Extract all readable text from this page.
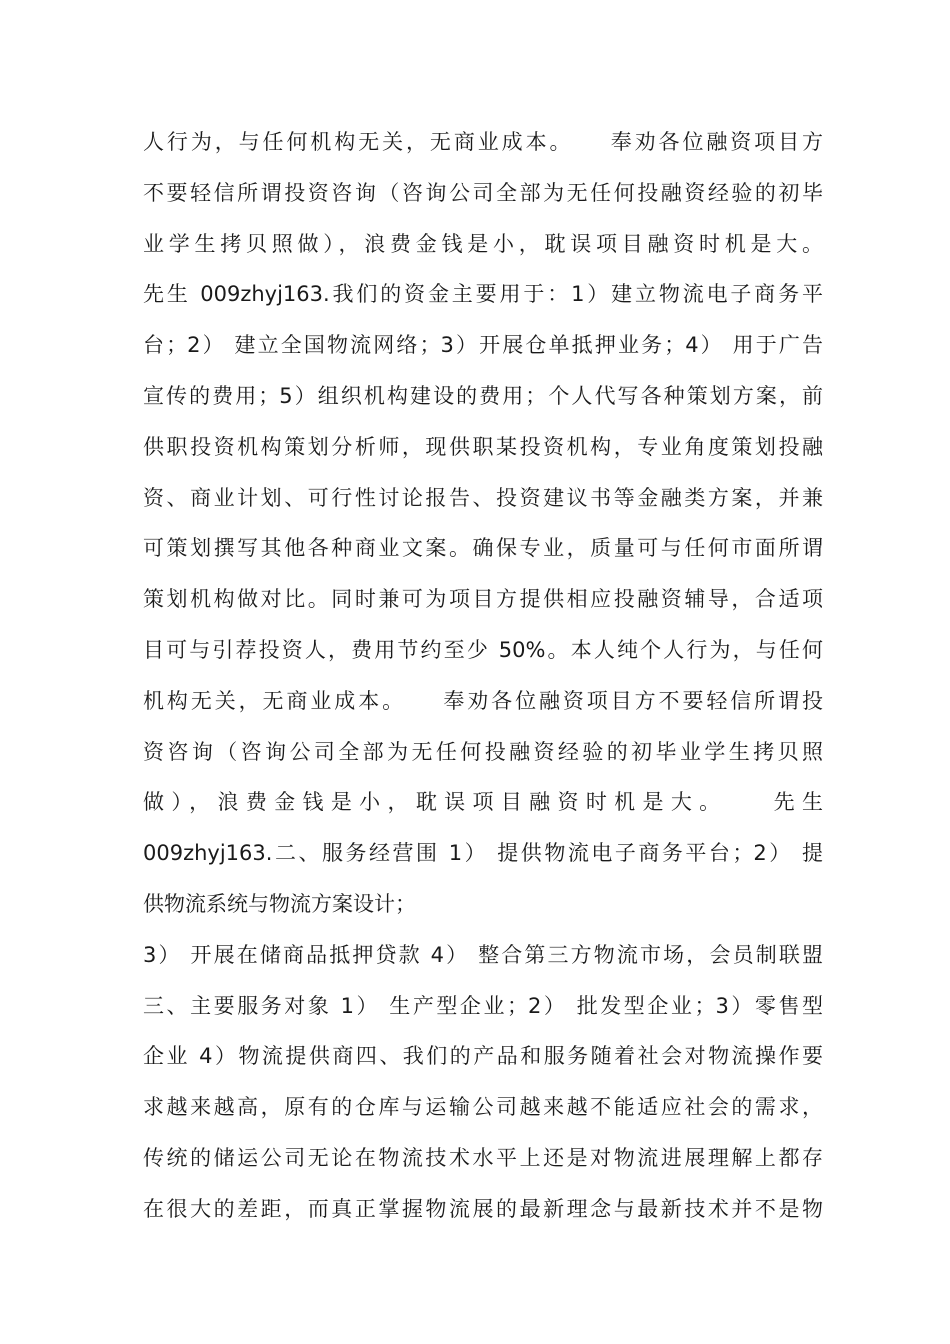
人行为，与任何机构无关，无商业成本。　　奉劝各位融资项目方
不要轻信所谓投资咨询（咨询公司全部为无任何投融资经验的初毕
业学生拷贝照做），浪费金钱是小，耽误项目融资时机是大。
先生 009zhyj163.我们的资金主要用于：1）建立物流电子商务平
台；2） 建立全国物流网络；3）开展仓单抵押业务；4） 用于广告
宣传的费用；5）组织机构建设的费用；个人代写各种策划方案，前
供职投资机构策划分析师，现供职某投资机构，专业角度策划投融
资、商业计划、可行性讨论报告、投资建议书等金融类方案，并兼
可策划撰写其他各种商业文案。确保专业，质量可与任何市面所谓
策划机构做对比。同时兼可为项目方提供相应投融资辅导，合适项
目可与引荐投资人，费用节约至少 50%。本人纯个人行为，与任何
机构无关，无商业成本。　　奉劝各位融资项目方不要轻信所谓投
资咨询（咨询公司全部为无任何投融资经验的初毕业学生拷贝照
做），浪费金钱是小，耽误项目融资时机是大。　　先生
009zhyj163.二、服务经营围 1） 提供物流电子商务平台；2） 提
供物流系统与物流方案设计；
3） 开展在储商品抵押贷款 4） 整合第三方物流市场，会员制联盟
三、主要服务对象 1） 生产型企业；2） 批发型企业；3）零售型
企业 4）物流提供商四、我们的产品和服务随着社会对物流操作要
求越来越高，原有的仓库与运输公司越来越不能适应社会的需求，
传统的储运公司无论在物流技术水平上还是对物流进展理解上都存
在很大的差距，而真正掌握物流展的最新理念与最新技术并不是物
